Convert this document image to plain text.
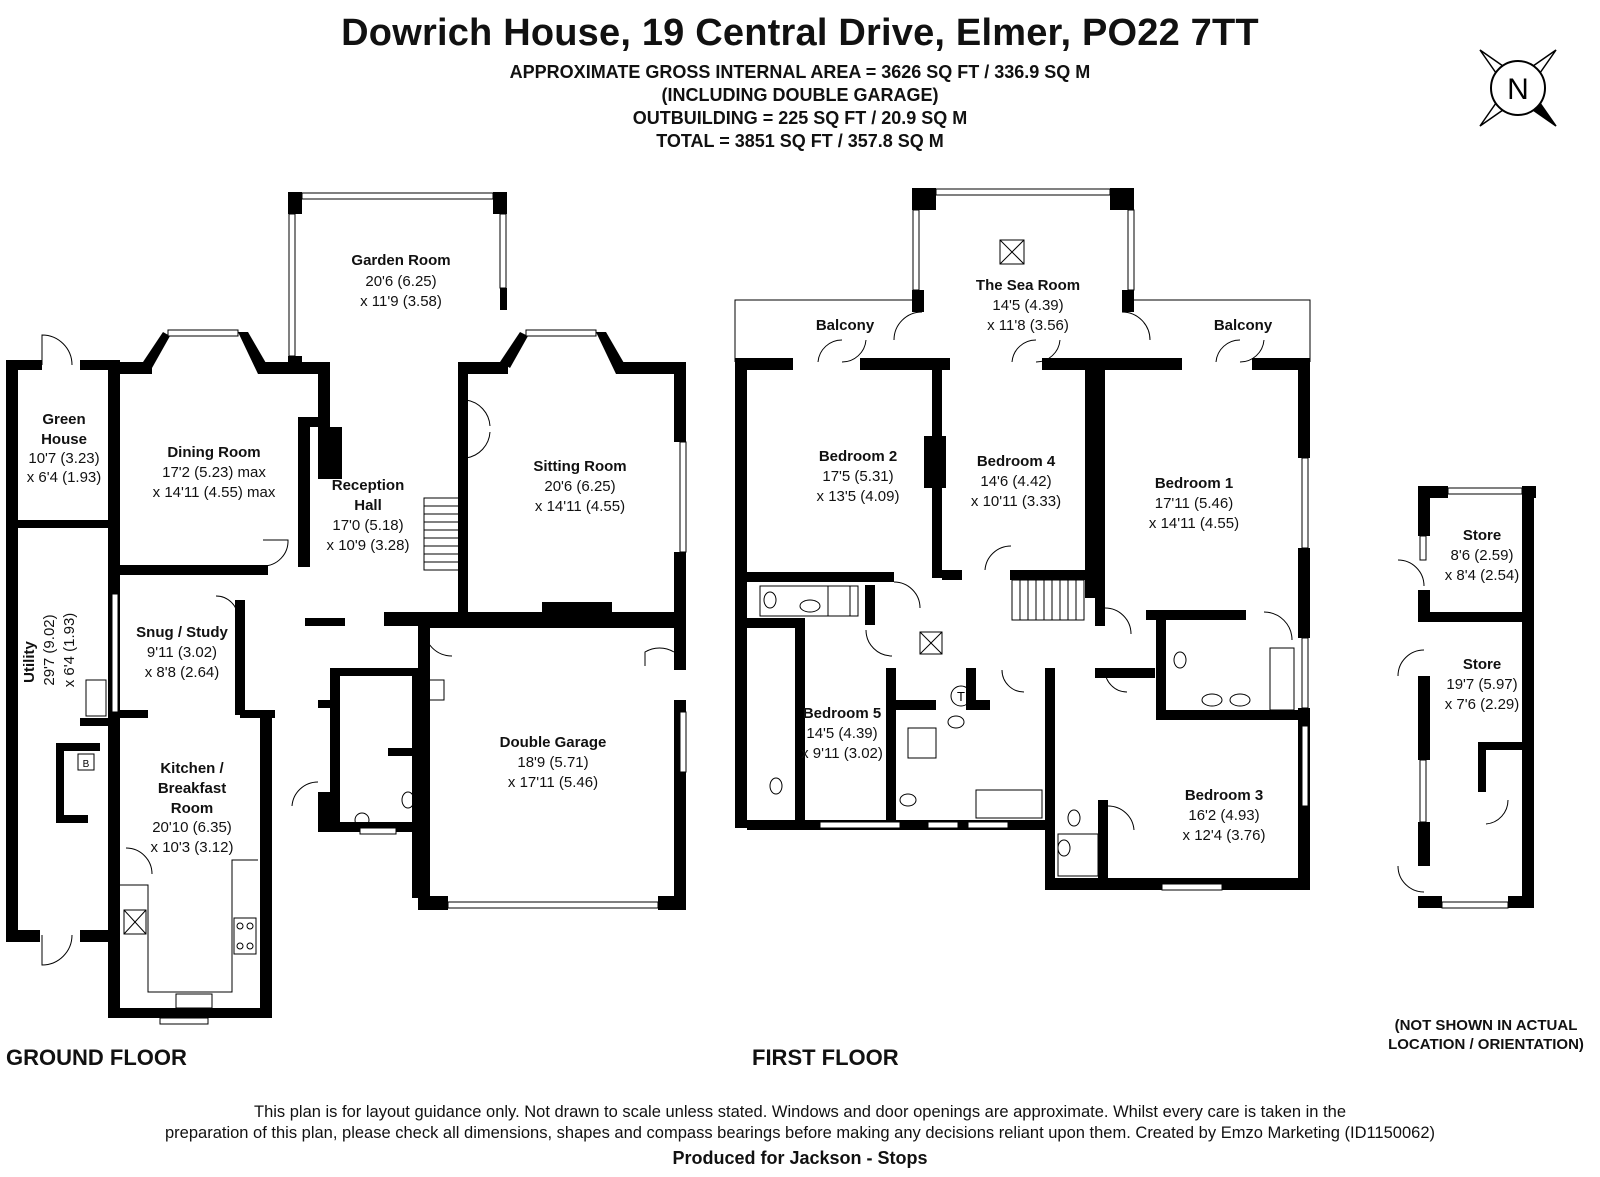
Dowrich House, 19 Central Drive, Elmer, PO22 7TT
APPROXIMATE GROSS INTERNAL AREA = 3626 SQ FT / 336.9 SQ M
(INCLUDING DOUBLE GARAGE)
OUTBUILDING = 225 SQ FT / 20.9 SQ M
TOTAL = 3851 SQ FT / 357.8 SQ M
N
B
T
Garden Room
20'6 (6.25)
x 11'9 (3.58)
Green
House
10'7 (3.23)
x 6'4 (1.93)
Dining Room
17'2 (5.23) max
x 14'11 (4.55) max	Reception
Hall
17'0 (5.18)
x 10'9 (3.28)
Sitting Room
20'6 (6.25)
x 14'11 (4.55)
Snug / Study
9'11 (3.02)
x 8'8 (2.64)
Utility 29'7 (9.02) x 6'4 (1.93)
Kitchen /
Breakfast
Room
20'10 (6.35)
x 10'3 (3.12)
Double Garage
18'9 (5.71)
x 17'11 (5.46)
The Sea Room
14'5 (4.39)
x 11'8 (3.56)
Balcony	Balcony
Bedroom 2
17'5 (5.31)
x 13'5 (4.09)
Bedroom 4
14'6 (4.42)
x 10'11 (3.33)
Bedroom 1
17'11 (5.46)
x 14'11 (4.55)
Bedroom 5
14'5 (4.39)
x 9'11 (3.02)
Bedroom 3
16'2 (4.93)
x 12'4 (3.76)
Store
8'6 (2.59)
x 8'4 (2.54)
Store
19'7 (5.97)
x 7'6 (2.29)
GROUND FLOOR	FIRST FLOOR
(NOT SHOWN IN ACTUAL
LOCATION / ORIENTATION)
This plan is for layout guidance only. Not drawn to scale unless stated. Windows and door openings are approximate. Whilst every care is taken in the
preparation of this plan, please check all dimensions, shapes and compass bearings before making any decisions reliant upon them. Created by Emzo Marketing (ID1150062)
Produced for Jackson - Stops
